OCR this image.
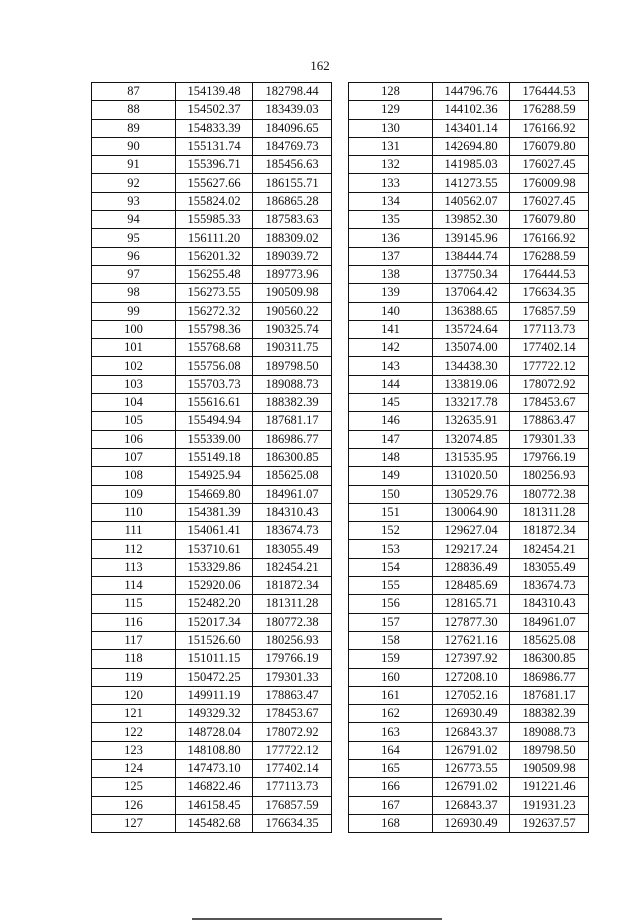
162
87	154139.48	182798.44
88	154502.37	183439.03
89	154833.39	184096.65
90	155131.74	184769.73
91	155396.71	185456.63
92	155627.66	186155.71
93	155824.02	186865.28
94	155985.33	187583.63
95	156111.20	188309.02
96	156201.32	189039.72
97	156255.48	189773.96
98	156273.55	190509.98
99	156272.32	190560.22
100	155798.36	190325.74
101	155768.68	190311.75
102	155756.08	189798.50
103	155703.73	189088.73
104	155616.61	188382.39
105	155494.94	187681.17
106	155339.00	186986.77
107	155149.18	186300.85
108	154925.94	185625.08
109	154669.80	184961.07
110	154381.39	184310.43
111	154061.41	183674.73
112	153710.61	183055.49
113	153329.86	182454.21
114	152920.06	181872.34
115	152482.20	181311.28
116	152017.34	180772.38
117	151526.60	180256.93
118	151011.15	179766.19
119	150472.25	179301.33
120	149911.19	178863.47
121	149329.32	178453.67
122	148728.04	178072.92
123	148108.80	177722.12
124	147473.10	177402.14
125	146822.46	177113.73
126	146158.45	176857.59
127	145482.68	176634.35
128	144796.76	176444.53
129	144102.36	176288.59
130	143401.14	176166.92
131	142694.80	176079.80
132	141985.03	176027.45
133	141273.55	176009.98
134	140562.07	176027.45
135	139852.30	176079.80
136	139145.96	176166.92
137	138444.74	176288.59
138	137750.34	176444.53
139	137064.42	176634.35
140	136388.65	176857.59
141	135724.64	177113.73
142	135074.00	177402.14
143	134438.30	177722.12
144	133819.06	178072.92
145	133217.78	178453.67
146	132635.91	178863.47
147	132074.85	179301.33
148	131535.95	179766.19
149	131020.50	180256.93
150	130529.76	180772.38
151	130064.90	181311.28
152	129627.04	181872.34
153	129217.24	182454.21
154	128836.49	183055.49
155	128485.69	183674.73
156	128165.71	184310.43
157	127877.30	184961.07
158	127621.16	185625.08
159	127397.92	186300.85
160	127208.10	186986.77
161	127052.16	187681.17
162	126930.49	188382.39
163	126843.37	189088.73
164	126791.02	189798.50
165	126773.55	190509.98
166	126791.02	191221.46
167	126843.37	191931.23
168	126930.49	192637.57
